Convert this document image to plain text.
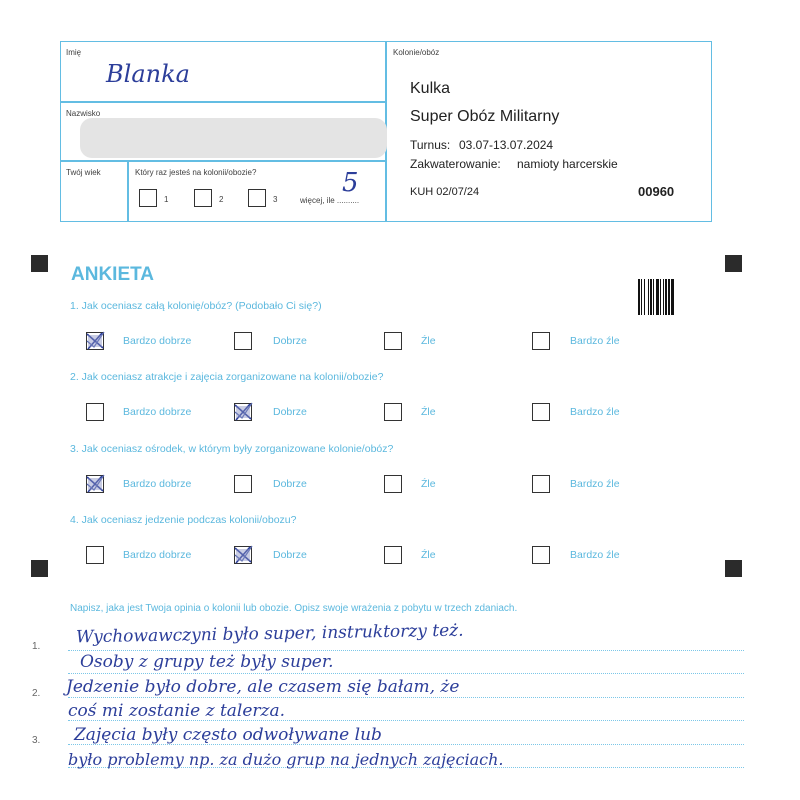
Imię
Blanka
Nazwisko
Twój wiek	Który raz jesteś na kolonii/obozie?
1	2	3	więcej, ile ..........
5
Kolonie/obóz
Kulka
Super Obóz Militarny
Turnus: 03.07-13.07.2024
Zakwaterowanie: namioty harcerskie
KUH 02/07/24	00960
ANKIETA
1. Jak oceniasz całą kolonię/obóz? (Podobało Ci się?)
Bardzo dobrze	Dobrze	Źle	Bardzo źle
2. Jak oceniasz atrakcje i zajęcia zorganizowane na kolonii/obozie?
Bardzo dobrze	Dobrze	Źle	Bardzo źle
3. Jak oceniasz ośrodek, w którym były zorganizowane kolonie/obóz?
Bardzo dobrze	Dobrze	Źle	Bardzo źle
4. Jak oceniasz jedzenie podczas kolonii/obozu?
Bardzo dobrze	Dobrze	Źle	Bardzo źle
Napisz, jaka jest Twoja opinia o kolonii lub obozie. Opisz swoje wrażenia z pobytu w trzech zdaniach.
1.
2.
3.
Wychowawczyni było super, instruktorzy też.
Osoby z grupy też były super.
Jedzenie było dobre, ale czasem się bałam, że
coś mi zostanie z talerza.
Zajęcia były często odwoływane lub
było problemy np. za dużo grup na jednych zajęciach.
